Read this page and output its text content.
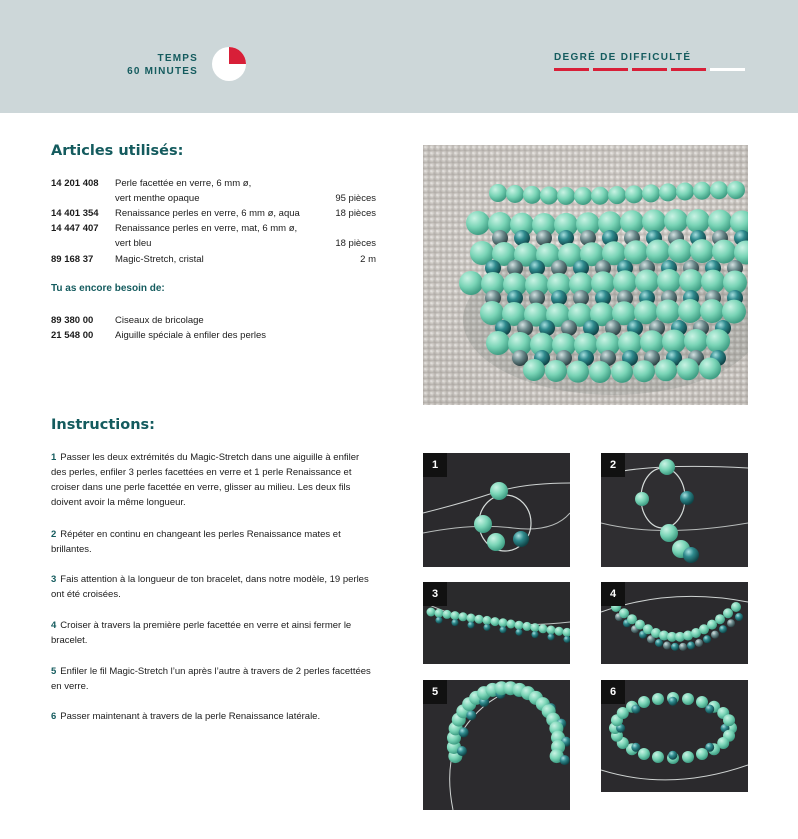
TEMPS
60 MINUTES
DEGRÉ DE DIFFICULTÉ
Articles utilisés:
14 201 408 Perle facettée en verre, 6 mm ø,
vert menthe opaque	95 pièces
14 401 354 Renaissance perles en verre, 6 mm ø, aqua	18 pièces
14 447 407 Renaissance perles en verre, mat, 6 mm ø,
vert bleu	18 pièces
89 168 37 Magic-Stretch, cristal	2 m
Tu as encore besoin de:
89 380 00 Ciseaux de bricolage
21 548 00 Aiguille spéciale à enfiler des perles
Instructions:
1 Passer les deux extrémités du Magic-Stretch dans une aiguille à enfiler des perles, enfiler 3 perles facettées en verre et 1 perle Renaissance et croiser dans une perle facettée en verre, glisser au milieu. Les deux fils doivent avoir la même longueur.
2 Répéter en continu en changeant les perles Renaissance mates et brillantes.
3 Fais attention à la longueur de ton bracelet, dans notre modèle, 19 perles ont été croisées.
4 Croiser à travers la première perle facettée en verre et ainsi fermer le bracelet.
5 Enfiler le fil Magic-Stretch l’un après l’autre à travers de 2 perles facettées en verre.
6 Passer maintenant à travers de la perle Renaissance latérale.
1	2
3	4
5	6
